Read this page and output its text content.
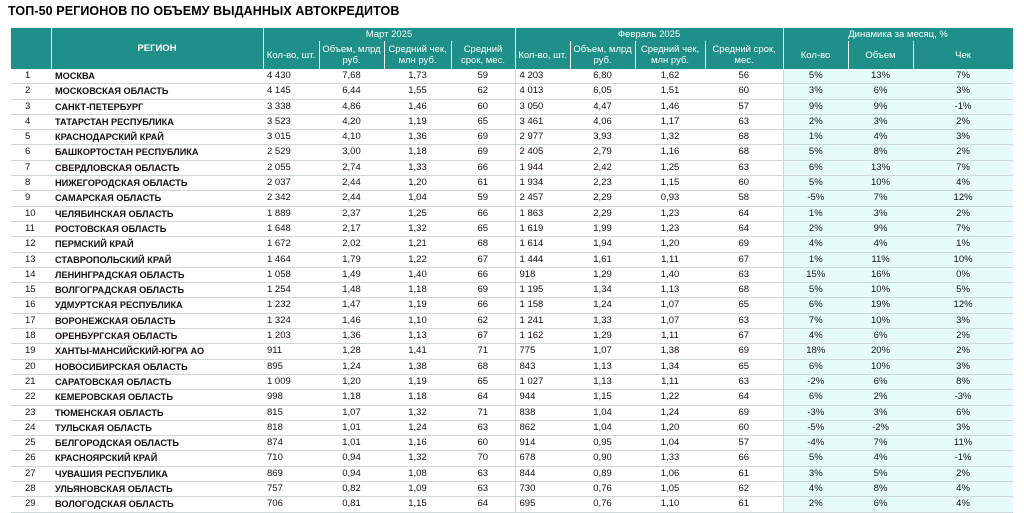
ТОП-50 РЕГИОНОВ ПО ОБЪЕМУ ВЫДАННЫХ АВТОКРЕДИТОВ
	РЕГИОН	Март 2025				Февраль 2025				Динамика за месяц, %		
		Кол-во, шт.	Объем, млрд руб.	Средний чек, млн руб.	Средний срок, мес.	Кол-во, шт.	Объем, млрд руб.	Средний чек, млн руб.	Средний срок, мес.	Кол-во	Объем	Чек
1	МОСКВА	4 430	7,68	1,73	59	4 203	6,80	1,62	56	5%	13%	7%
2	МОСКОВСКАЯ ОБЛАСТЬ	4 145	6,44	1,55	62	4 013	6,05	1,51	60	3%	6%	3%
3	САНКТ-ПЕТЕРБУРГ	3 338	4,86	1,46	60	3 050	4,47	1,46	57	9%	9%	-1%
4	ТАТАРСТАН РЕСПУБЛИКА	3 523	4,20	1,19	65	3 461	4,06	1,17	63	2%	3%	2%
5	КРАСНОДАРСКИЙ КРАЙ	3 015	4,10	1,36	69	2 977	3,93	1,32	68	1%	4%	3%
6	БАШКОРТОСТАН РЕСПУБЛИКА	2 529	3,00	1,18	69	2 405	2,79	1,16	68	5%	8%	2%
7	СВЕРДЛОВСКАЯ ОБЛАСТЬ	2 055	2,74	1,33	66	1 944	2,42	1,25	63	6%	13%	7%
8	НИЖЕГОРОДСКАЯ ОБЛАСТЬ	2 037	2,44	1,20	61	1 934	2,23	1,15	60	5%	10%	4%
9	САМАРСКАЯ ОБЛАСТЬ	2 342	2,44	1,04	59	2 457	2,29	0,93	58	-5%	7%	12%
10	ЧЕЛЯБИНСКАЯ ОБЛАСТЬ	1 889	2,37	1,25	66	1 863	2,29	1,23	64	1%	3%	2%
11	РОСТОВСКАЯ ОБЛАСТЬ	1 648	2,17	1,32	65	1 619	1,99	1,23	64	2%	9%	7%
12	ПЕРМСКИЙ КРАЙ	1 672	2,02	1,21	68	1 614	1,94	1,20	69	4%	4%	1%
13	СТАВРОПОЛЬСКИЙ КРАЙ	1 464	1,79	1,22	67	1 444	1,61	1,11	67	1%	11%	10%
14	ЛЕНИНГРАДСКАЯ ОБЛАСТЬ	1 058	1,49	1,40	66	918	1,29	1,40	63	15%	16%	0%
15	ВОЛГОГРАДСКАЯ ОБЛАСТЬ	1 254	1,48	1,18	69	1 195	1,34	1,13	68	5%	10%	5%
16	УДМУРТСКАЯ РЕСПУБЛИКА	1 232	1,47	1,19	66	1 158	1,24	1,07	65	6%	19%	12%
17	ВОРОНЕЖСКАЯ ОБЛАСТЬ	1 324	1,46	1,10	62	1 241	1,33	1,07	63	7%	10%	3%
18	ОРЕНБУРГСКАЯ ОБЛАСТЬ	1 203	1,36	1,13	67	1 162	1,29	1,11	67	4%	6%	2%
19	ХАНТЫ-МАНСИЙСКИЙ-ЮГРА АО	911	1,28	1,41	71	775	1,07	1,38	69	18%	20%	2%
20	НОВОСИБИРСКАЯ ОБЛАСТЬ	895	1,24	1,38	68	843	1,13	1,34	65	6%	10%	3%
21	САРАТОВСКАЯ ОБЛАСТЬ	1 009	1,20	1,19	65	1 027	1,13	1,11	63	-2%	6%	8%
22	КЕМЕРОВСКАЯ ОБЛАСТЬ	998	1,18	1,18	64	944	1,15	1,22	64	6%	2%	-3%
23	ТЮМЕНСКАЯ ОБЛАСТЬ	815	1,07	1,32	71	838	1,04	1,24	69	-3%	3%	6%
24	ТУЛЬСКАЯ ОБЛАСТЬ	818	1,01	1,24	63	862	1,04	1,20	60	-5%	-2%	3%
25	БЕЛГОРОДСКАЯ ОБЛАСТЬ	874	1,01	1,16	60	914	0,95	1,04	57	-4%	7%	11%
26	КРАСНОЯРСКИЙ КРАЙ	710	0,94	1,32	70	678	0,90	1,33	66	5%	4%	-1%
27	ЧУВАШИЯ РЕСПУБЛИКА	869	0,94	1,08	63	844	0,89	1,06	61	3%	5%	2%
28	УЛЬЯНОВСКАЯ ОБЛАСТЬ	757	0,82	1,09	63	730	0,76	1,05	62	4%	8%	4%
29	ВОЛОГОДСКАЯ ОБЛАСТЬ	706	0,81	1,15	64	695	0,76	1,10	61	2%	6%	4%
